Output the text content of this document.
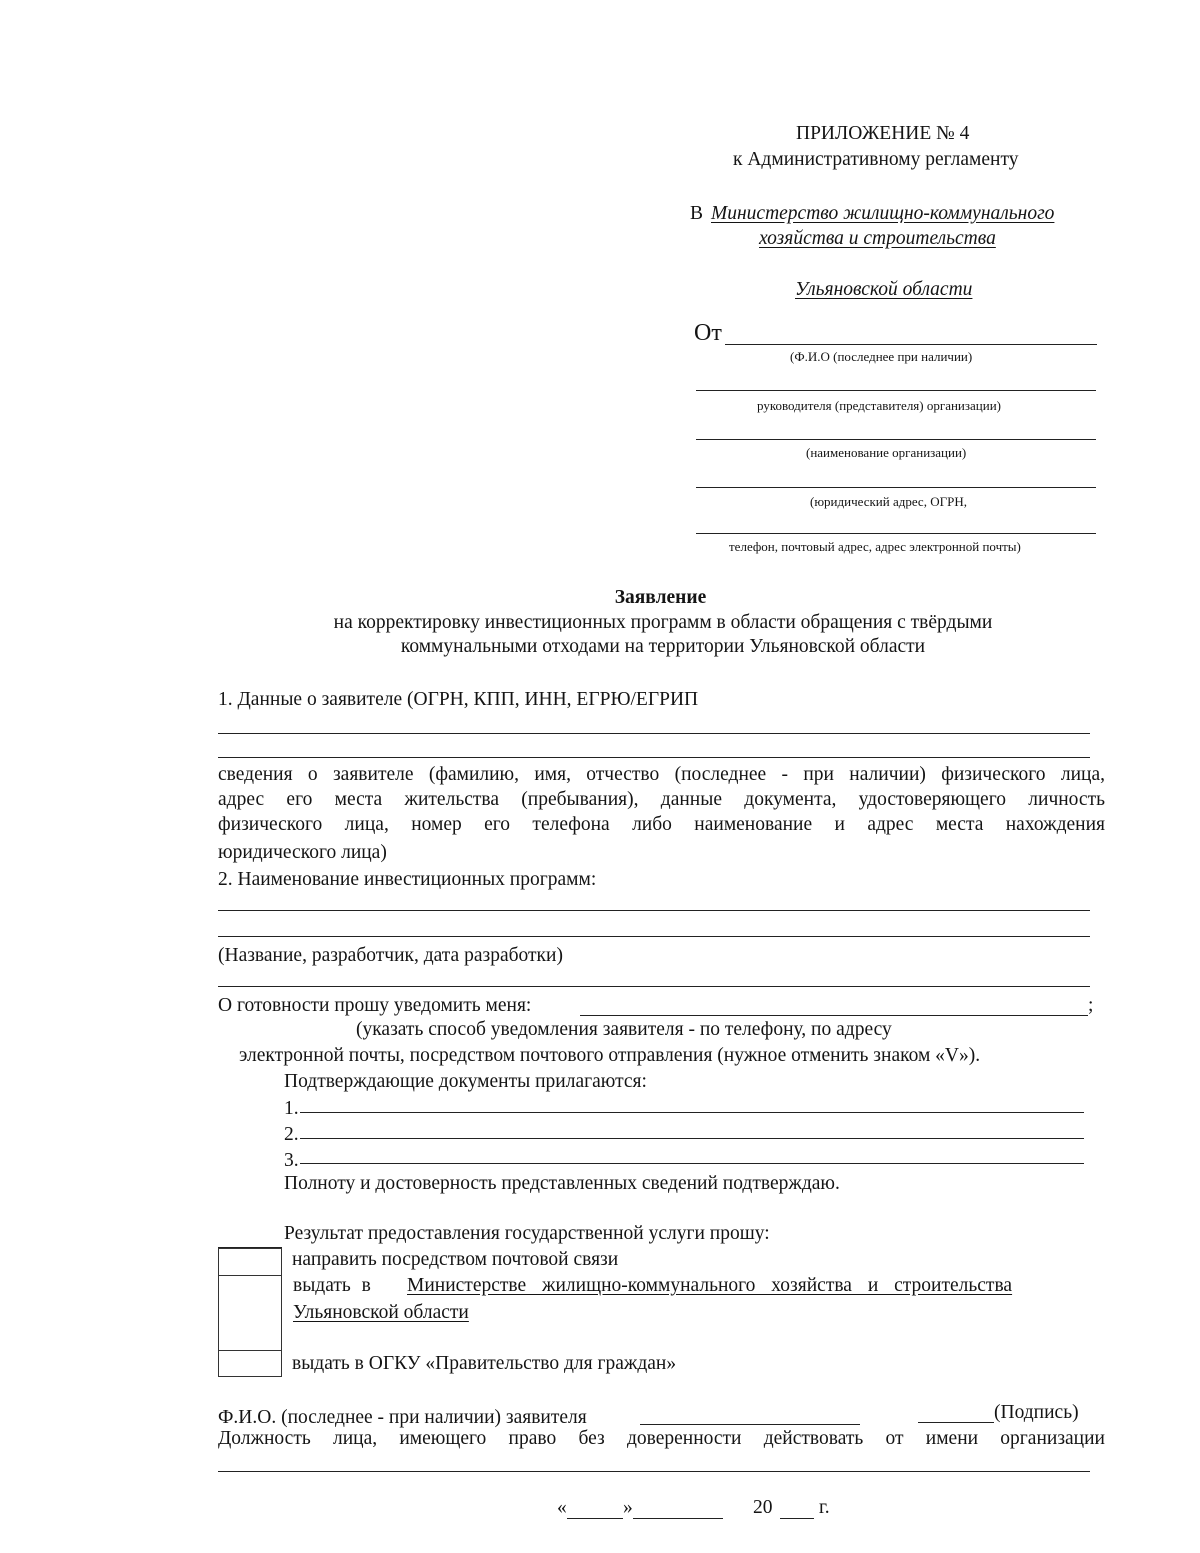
ПРИЛОЖЕНИЕ № 4
к Административному регламенту
В Министерство жилищно-коммунального
хозяйства и строительства
Ульяновской области
От
(Ф.И.О (последнее при наличии)
руководителя (представителя) организации)
(наименование организации)
(юридический адрес, ОГРН,
телефон, почтовый адрес, адрес электронной почты)
Заявление
на корректировку инвестиционных программ в области обращения с твёрдыми
коммунальными отходами на территории Ульяновской области
1. Данные о заявителе (ОГРН, КПП, ИНН, ЕГРЮ/ЕГРИП
сведения о заявителе (фамилию, имя, отчество (последнее - при наличии) физического лица,
адрес его места жительства (пребывания), данные документа, удостоверяющего личность
физического лица, номер его телефона либо наименование и адрес места нахождения
юридического лица)
2. Наименование инвестиционных программ:
(Название, разработчик, дата разработки)
О готовности прошу уведомить меня:	;
(указать способ уведомления заявителя - по телефону, по адресу
электронной почты, посредством почтового отправления (нужное отменить знаком «V»).
Подтверждающие документы прилагаются:
1.
2.
3.
Полноту и достоверность представленных сведений подтверждаю.
Результат предоставления государственной услуги прошу:
направить посредством почтовой связи
выдать в Министерстве жилищно-коммунального хозяйства и строительства
Ульяновской области
выдать в ОГКУ «Правительство для граждан»
Ф.И.О. (последнее - при наличии) заявителя	(Подпись)
Должность лица, имеющего право без доверенности действовать от имени организации
«	»	20 г.
